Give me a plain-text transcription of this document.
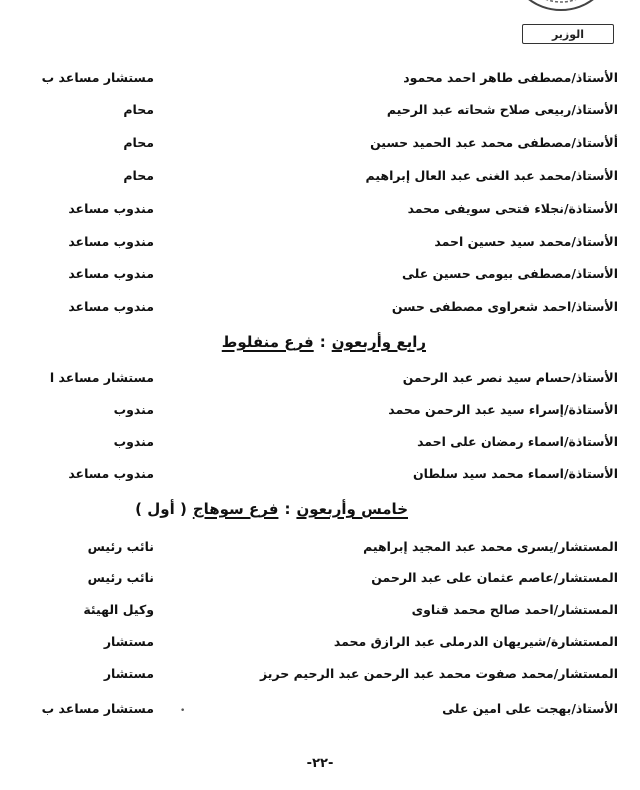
الوزير
الأستاذ/مصطفى طاهر احمد محمود
مستشار مساعد ب
الأستاذ/ربيعى صلاح شحاته عبد الرحيم
محام
ألأستاذ/مصطفى محمد عبد الحميد حسين
محام
الأستاذ/محمد عبد الغنى عبد العال إبراهيم
محام
الأستاذة/نجلاء فتحى سويفى محمد
مندوب مساعد
الأستاذ/محمد سيد حسين احمد
مندوب مساعد
الأستاذ/مصطفى بيومى حسين على
مندوب مساعد
الأستاذ/احمد شعراوى مصطفى حسن
مندوب مساعد
رابع وأربعون:فرع منفلوط
الأستاذ/حسام سيد نصر عبد الرحمن
مستشار مساعد ا
الأستاذة/إسراء سيد عبد الرحمن محمد
مندوب
الأستاذة/اسماء رمضان على احمد
مندوب
الأستاذة/اسماء محمد سيد سلطان
مندوب مساعد
خامس وأربعون:فرع سوهاج( أول )
المستشار/يسرى محمد عبد المجيد إبراهيم
نائب رئيس
المستشار/عاصم عثمان على عبد الرحمن
نائب رئيس
المستشار/احمد صالح محمد قناوى
وكيل الهيئة
المستشارة/شيريهان الدرملى عبد الرازق محمد
مستشار
المستشار/محمد صفوت محمد عبد الرحمن عبد الرحيم حريز
مستشار
الأستاذ/بهجت على امين على
مستشار مساعد ب	•
-٢٢-
